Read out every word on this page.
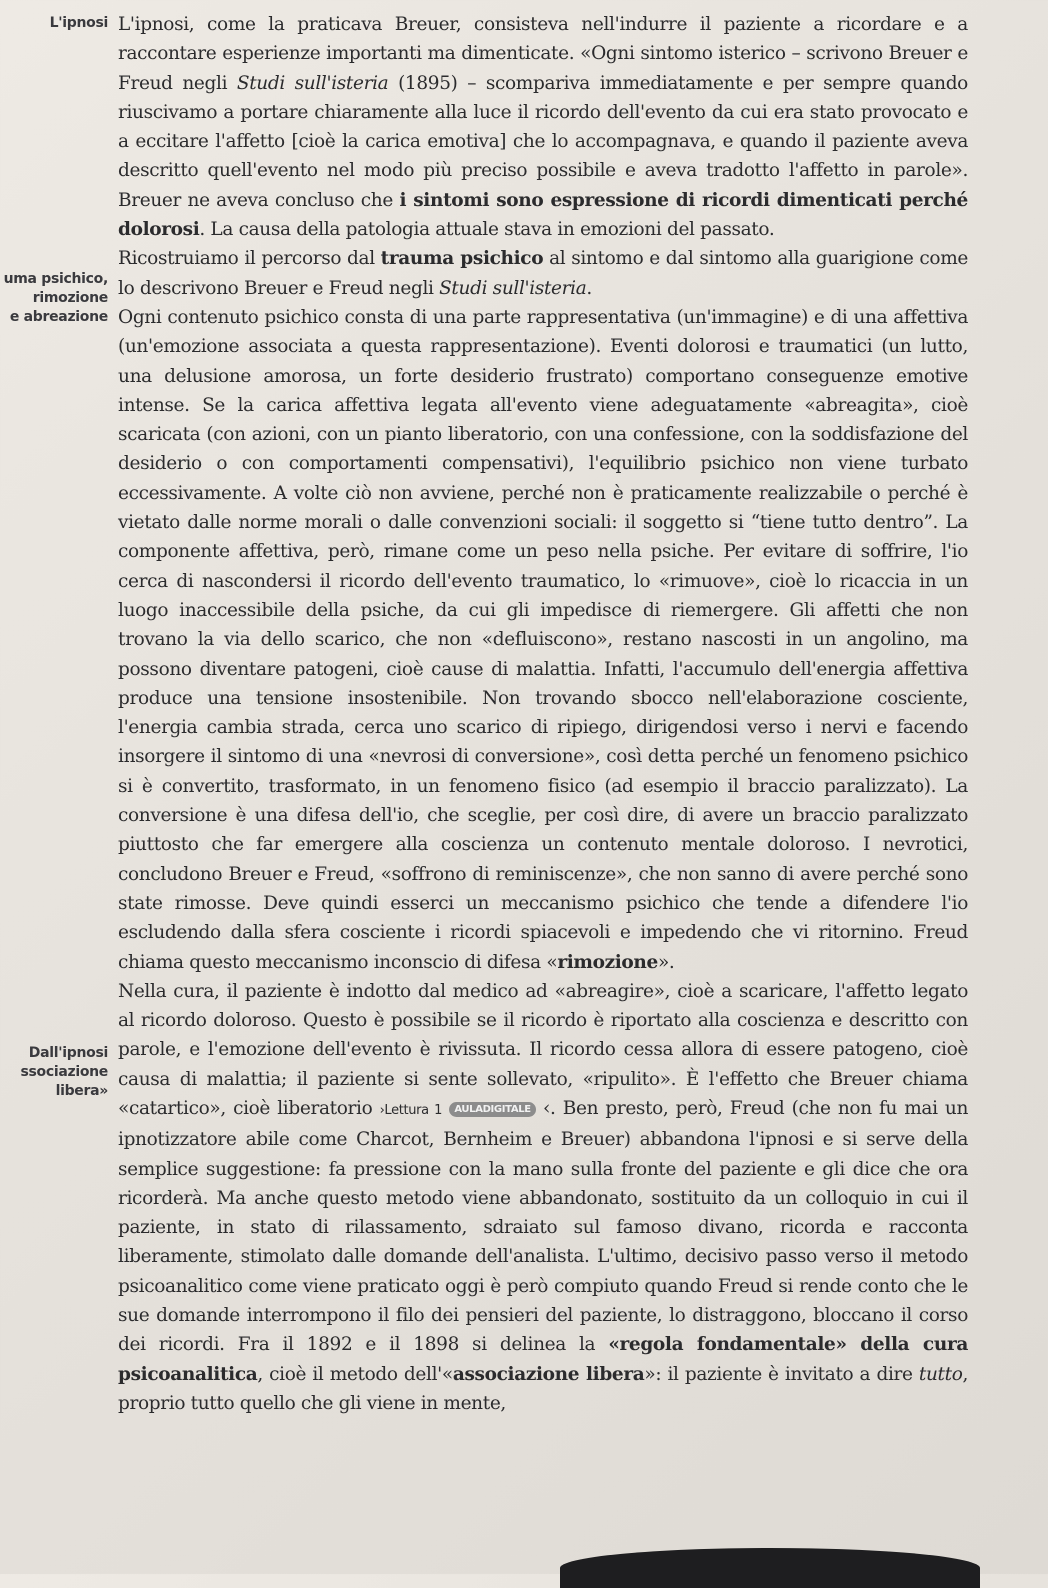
L'ipnosi
uma psichico,
rimozione
e abreazione
Dall'ipnosi
ssociazione
libera»

L'ipnosi, come la praticava Breuer, consisteva nell'indurre il paziente a ricordare e a raccontare esperienze importanti ma dimenticate. «Ogni sintomo isterico – scrivono Breuer e Freud negli Studi sull'isteria (1895) – scompariva immediatamente e per sempre quando riuscivamo a portare chiaramente alla luce il ricordo dell'evento da cui era stato provocato e a eccitare l'affetto [cioè la carica emotiva] che lo accompagnava, e quando il paziente aveva descritto quell'evento nel modo più preciso possibile e aveva tradotto l'affetto in parole». Breuer ne aveva concluso che i sintomi sono espressione di ricordi dimenticati perché dolorosi. La causa della patologia attuale stava in emozioni del passato.

Ricostruiamo il percorso dal trauma psichico al sintomo e dal sintomo alla guarigione come lo descrivono Breuer e Freud negli Studi sull'isteria.

Ogni contenuto psichico consta di una parte rappresentativa (un'immagine) e di una affettiva (un'emozione associata a questa rappresentazione). Eventi dolorosi e traumatici (un lutto, una delusione amorosa, un forte desiderio frustrato) comportano conseguenze emotive intense. Se la carica affettiva legata all'evento viene adeguatamente «abreagita», cioè scaricata (con azioni, con un pianto liberatorio, con una confessione, con la soddisfazione del desiderio o con comportamenti compensativi), l'equilibrio psichico non viene turbato eccessivamente. A volte ciò non avviene, perché non è praticamente realizzabile o perché è vietato dalle norme morali o dalle convenzioni sociali: il soggetto si “tiene tutto dentro”. La componente affettiva, però, rimane come un peso nella psiche. Per evitare di soffrire, l'io cerca di nascondersi il ricordo dell'evento traumatico, lo «rimuove», cioè lo ricaccia in un luogo inaccessibile della psiche, da cui gli impedisce di riemergere. Gli affetti che non trovano la via dello scarico, che non «defluiscono», restano nascosti in un angolino, ma possono diventare patogeni, cioè cause di malattia. Infatti, l'accumulo dell'energia affettiva produce una tensione insostenibile. Non trovando sbocco nell'elaborazione cosciente, l'energia cambia strada, cerca uno scarico di ripiego, dirigendosi verso i nervi e facendo insorgere il sintomo di una «nevrosi di conversione», così detta perché un fenomeno psichico si è convertito, trasformato, in un fenomeno fisico (ad esempio il braccio paralizzato). La conversione è una difesa dell'io, che sceglie, per così dire, di avere un braccio paralizzato piuttosto che far emergere alla coscienza un contenuto mentale doloroso. I nevrotici, concludono Breuer e Freud, «soffrono di reminiscenze», che non sanno di avere perché sono state rimosse. Deve quindi esserci un meccanismo psichico che tende a difendere l'io escludendo dalla sfera cosciente i ricordi spiacevoli e impedendo che vi ritornino. Freud chiama questo meccanismo inconscio di difesa «rimozione».

Nella cura, il paziente è indotto dal medico ad «abreagire», cioè a scaricare, l'affetto legato al ricordo doloroso. Questo è possibile se il ricordo è riportato alla coscienza e descritto con parole, e l'emozione dell'evento è rivissuta. Il ricordo cessa allora di essere patogeno, cioè causa di malattia; il paziente si sente sollevato, «ripulito». È l'effetto che Breuer chiama «catartico», cioè liberatorio ›Lettura 1 AULADIGITALE ‹. Ben presto, però, Freud (che non fu mai un ipnotizzatore abile come Charcot, Bernheim e Breuer) abbandona l'ipnosi e si serve della semplice suggestione: fa pressione con la mano sulla fronte del paziente e gli dice che ora ricorderà. Ma anche questo metodo viene abbandonato, sostituito da un colloquio in cui il paziente, in stato di rilassamento, sdraiato sul famoso divano, ricorda e racconta liberamente, stimolato dalle domande dell'analista. L'ultimo, decisivo passo verso il metodo psicoanalitico come viene praticato oggi è però compiuto quando Freud si rende conto che le sue domande interrompono il filo dei pensieri del paziente, lo distraggono, bloccano il corso dei ricordi. Fra il 1892 e il 1898 si delinea la «regola fondamentale» della cura psicoanalitica, cioè il metodo dell'«associazione libera»: il paziente è invitato a dire tutto, proprio tutto quello che gli viene in mente,
